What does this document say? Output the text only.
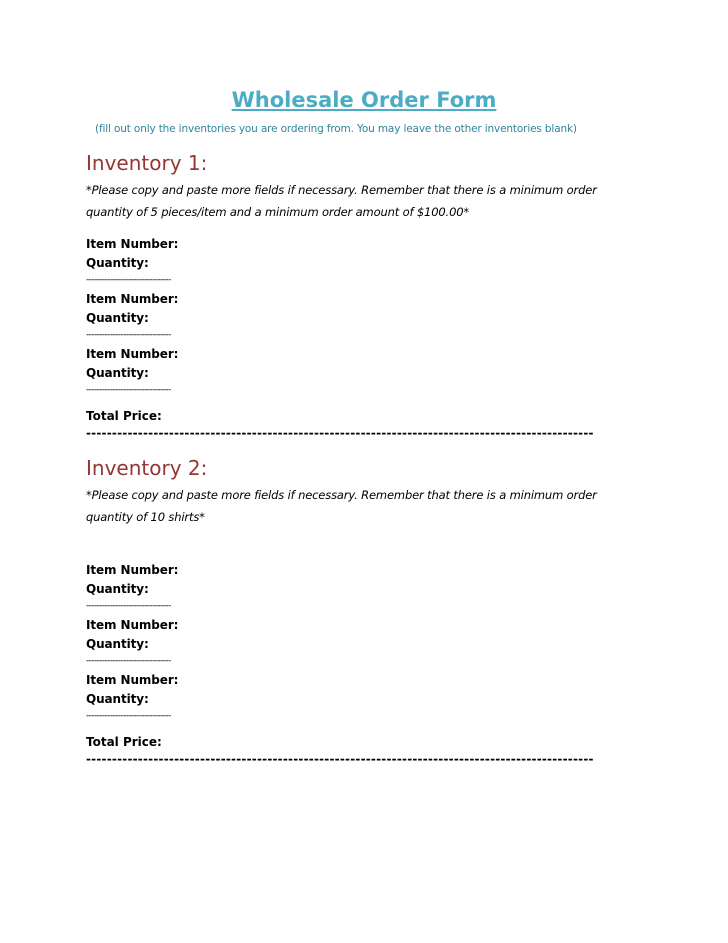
Wholesale Order Form
(fill out only the inventories you are ordering from. You may leave the other inventories blank)
Inventory 1:
*Please copy and paste more fields if necessary. Remember that there is a minimum order quantity of 5 pieces/item and a minimum order amount of $100.00*
Item Number:
Quantity:
--------------------------------
Item Number:
Quantity:
--------------------------------
Item Number:
Quantity:
--------------------------------
Total Price:
--------------------------------------------------------------------------------------------------
Inventory 2:
*Please copy and paste more fields if necessary. Remember that there is a minimum order quantity of 10 shirts*
Item Number:
Quantity:
--------------------------------
Item Number:
Quantity:
--------------------------------
Item Number:
Quantity:
--------------------------------
Total Price:
--------------------------------------------------------------------------------------------------
